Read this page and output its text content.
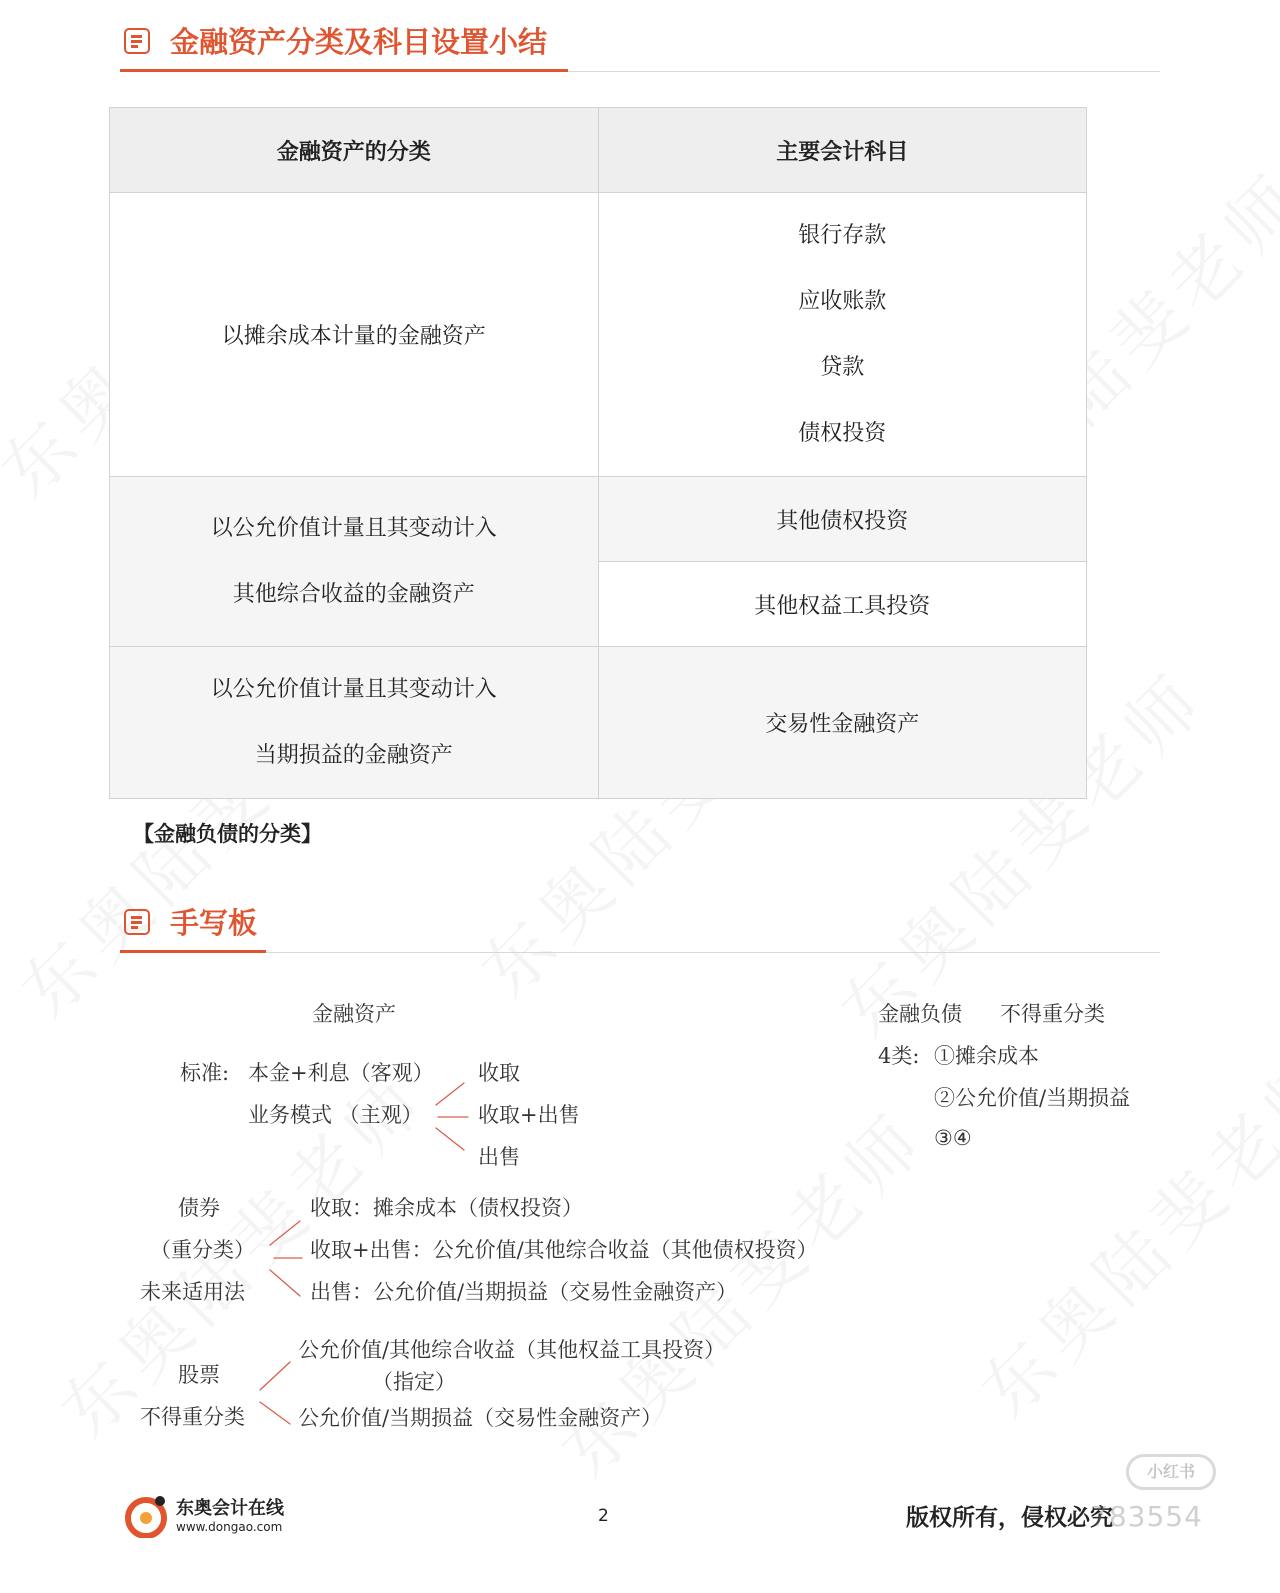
金融资产分类及科目设置小结
金融资产的分类	主要会计科目

以摊余成本计量的金融资产	银行存款
应收账款
贷款
债权投资

以公允价值计量且其变动计入
其他综合收益的金融资产	其他债权投资
	其他权益工具投资

以公允价值计量且其变动计入
当期损益的金融资产	交易性金融资产
【金融负债的分类】
手写板
金融资产
标准: 本金+利息（客观）
业务模式 （主观）
收取
收取+出售
出售
债券
（重分类）
未来适用法
收取：摊余成本（债权投资）
收取+出售：公允价值/其他综合收益（其他债权投资）
出售：公允价值/当期损益（交易性金融资产）
股票
不得重分类
公允价值/其他综合收益（其他权益工具投资）
（指定）
公允价值/当期损益（交易性金融资产）
金融负债 不得重分类
4类: ①摊余成本
②公允价值/当期损益
③④
东奥会计在线
www.dongao.com
2	版权所有，侵权必究
783554
小红书
